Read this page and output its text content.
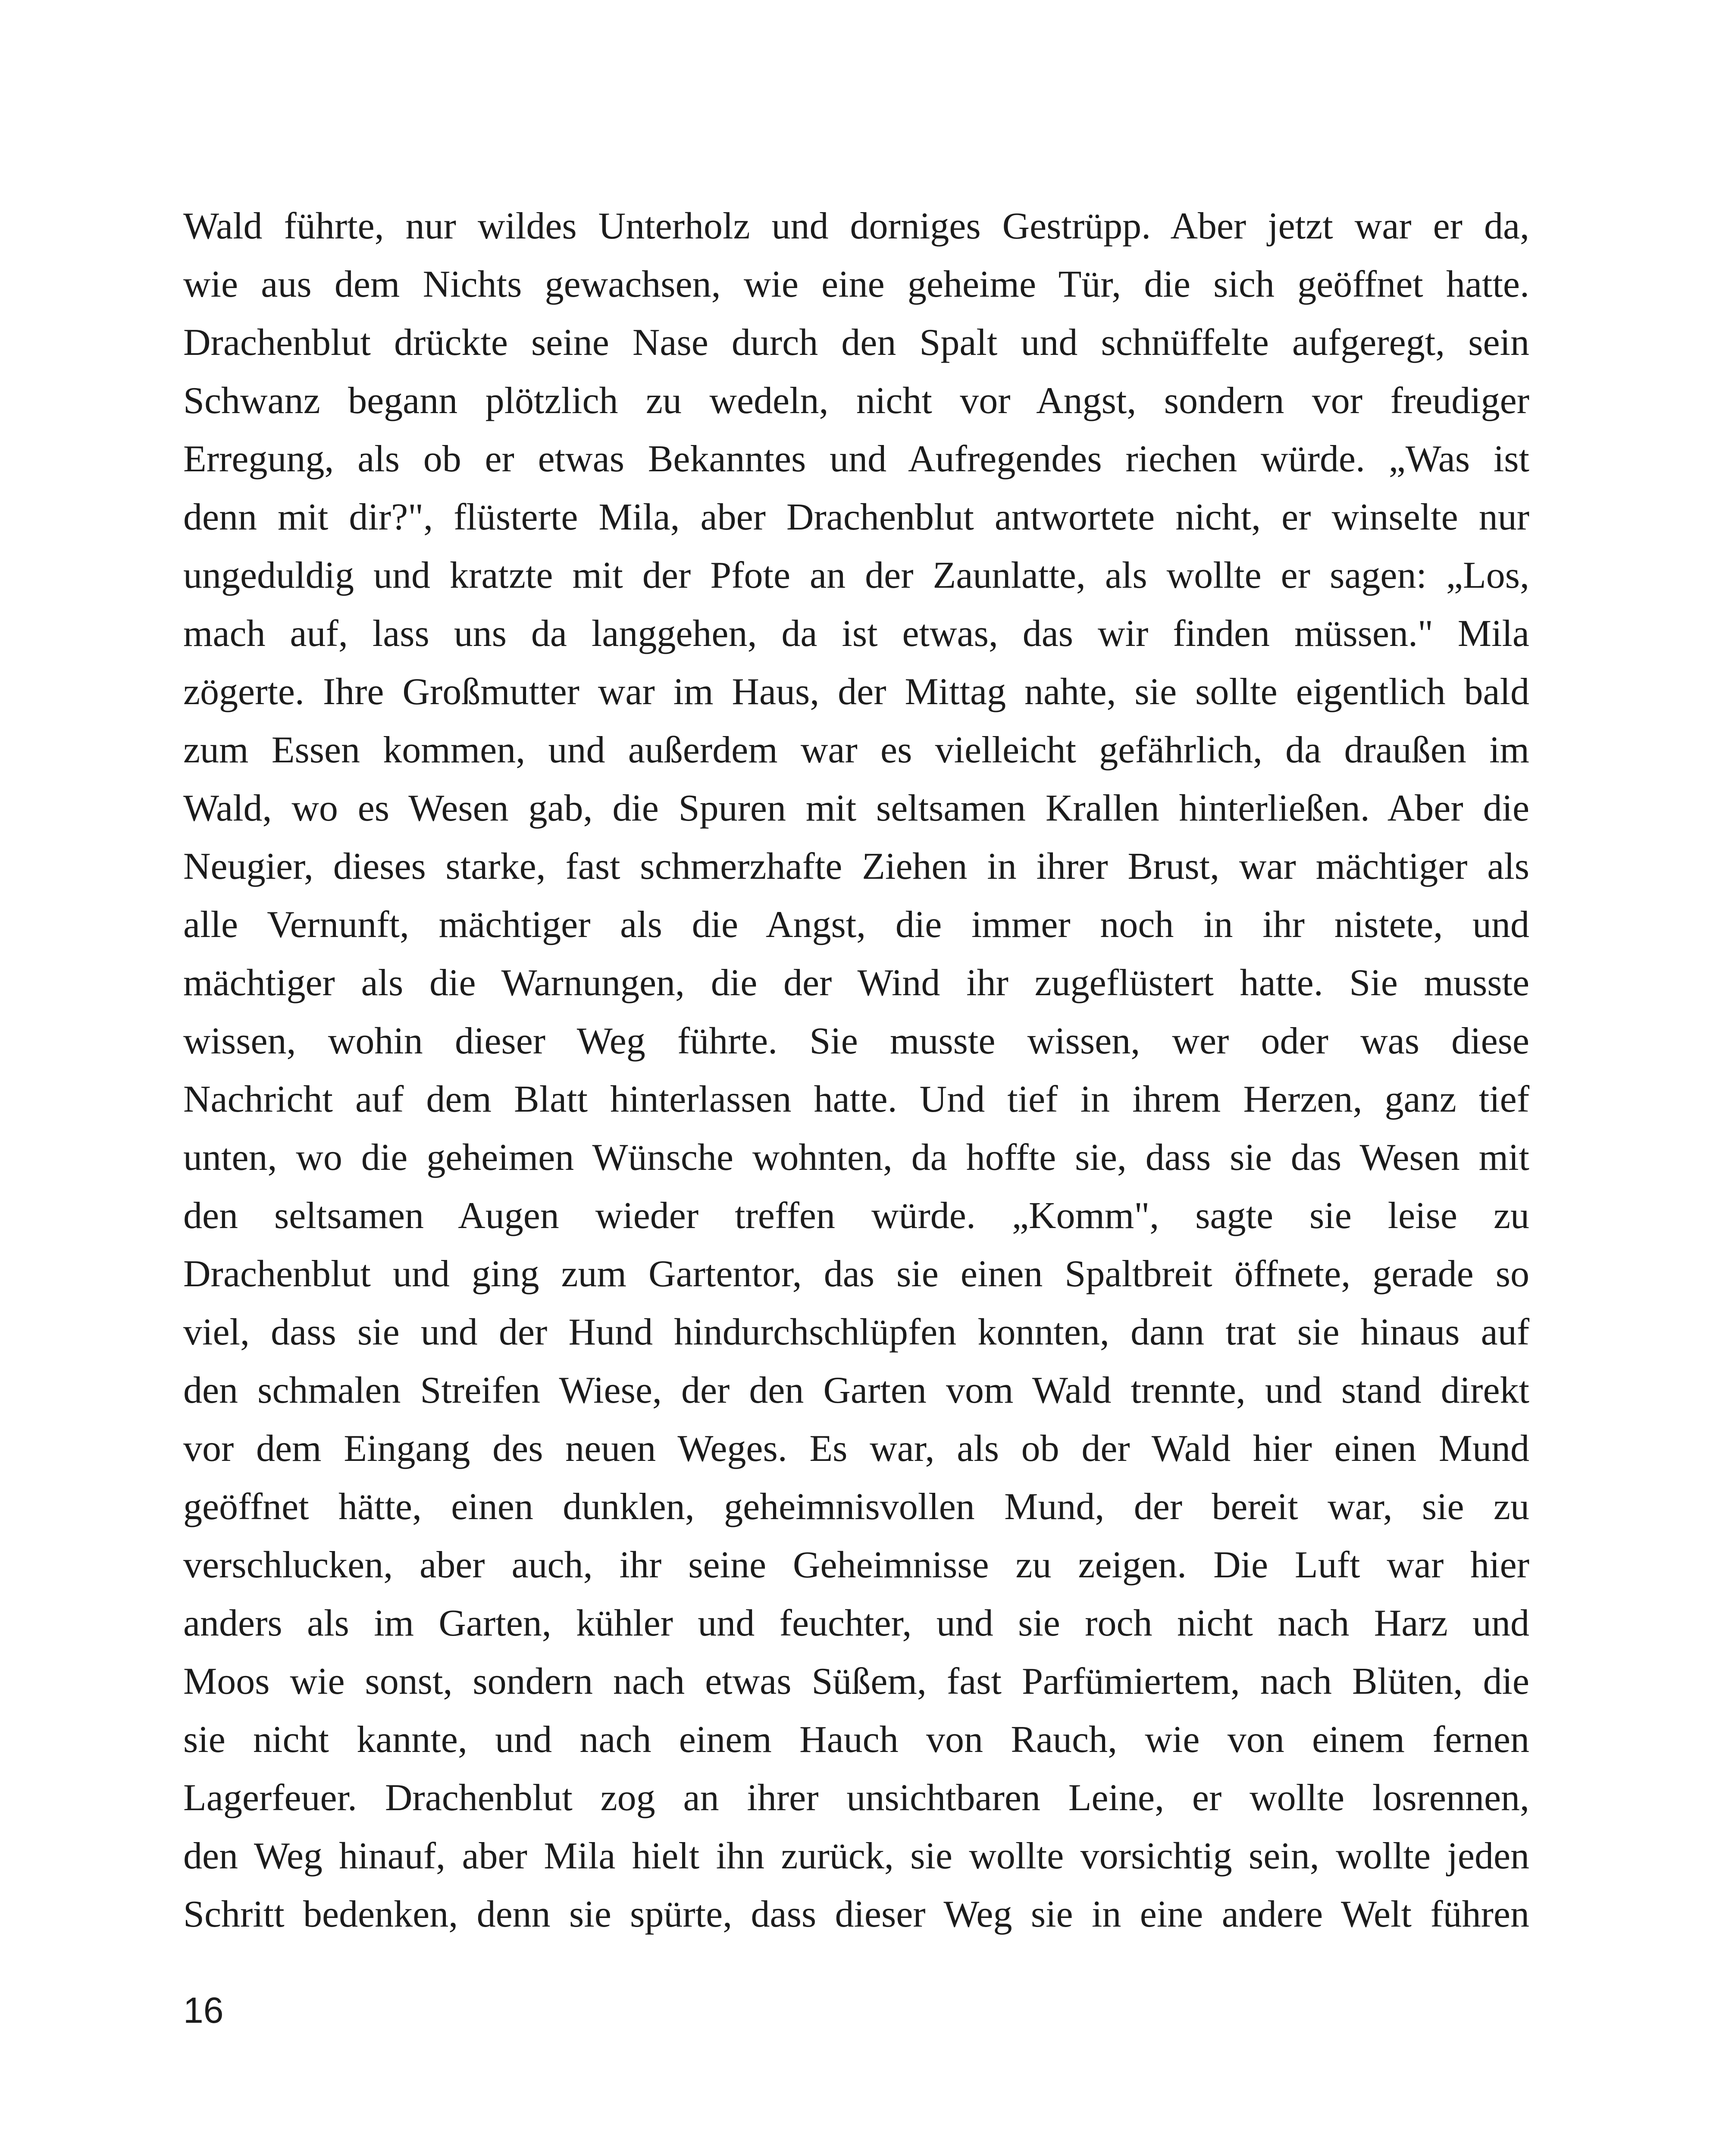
Wald führte, nur wildes Unterholz und dorniges Gestrüpp. Aber jetzt war er da,
wie aus dem Nichts gewachsen, wie eine geheime Tür, die sich geöffnet hatte.
Drachenblut drückte seine Nase durch den Spalt und schnüffelte aufgeregt, sein
Schwanz begann plötzlich zu wedeln, nicht vor Angst, sondern vor freudiger
Erregung, als ob er etwas Bekanntes und Aufregendes riechen würde. „Was ist
denn mit dir?", flüsterte Mila, aber Drachenblut antwortete nicht, er winselte nur
ungeduldig und kratzte mit der Pfote an der Zaunlatte, als wollte er sagen: „Los,
mach auf, lass uns da langgehen, da ist etwas, das wir finden müssen." Mila
zögerte. Ihre Großmutter war im Haus, der Mittag nahte, sie sollte eigentlich bald
zum Essen kommen, und außerdem war es vielleicht gefährlich, da draußen im
Wald, wo es Wesen gab, die Spuren mit seltsamen Krallen hinterließen. Aber die
Neugier, dieses starke, fast schmerzhafte Ziehen in ihrer Brust, war mächtiger als
alle Vernunft, mächtiger als die Angst, die immer noch in ihr nistete, und
mächtiger als die Warnungen, die der Wind ihr zugeflüstert hatte. Sie musste
wissen, wohin dieser Weg führte. Sie musste wissen, wer oder was diese
Nachricht auf dem Blatt hinterlassen hatte. Und tief in ihrem Herzen, ganz tief
unten, wo die geheimen Wünsche wohnten, da hoffte sie, dass sie das Wesen mit
den seltsamen Augen wieder treffen würde. „Komm", sagte sie leise zu
Drachenblut und ging zum Gartentor, das sie einen Spaltbreit öffnete, gerade so
viel, dass sie und der Hund hindurchschlüpfen konnten, dann trat sie hinaus auf
den schmalen Streifen Wiese, der den Garten vom Wald trennte, und stand direkt
vor dem Eingang des neuen Weges. Es war, als ob der Wald hier einen Mund
geöffnet hätte, einen dunklen, geheimnisvollen Mund, der bereit war, sie zu
verschlucken, aber auch, ihr seine Geheimnisse zu zeigen. Die Luft war hier
anders als im Garten, kühler und feuchter, und sie roch nicht nach Harz und
Moos wie sonst, sondern nach etwas Süßem, fast Parfümiertem, nach Blüten, die
sie nicht kannte, und nach einem Hauch von Rauch, wie von einem fernen
Lagerfeuer. Drachenblut zog an ihrer unsichtbaren Leine, er wollte losrennen,
den Weg hinauf, aber Mila hielt ihn zurück, sie wollte vorsichtig sein, wollte jeden
Schritt bedenken, denn sie spürte, dass dieser Weg sie in eine andere Welt führen
16
